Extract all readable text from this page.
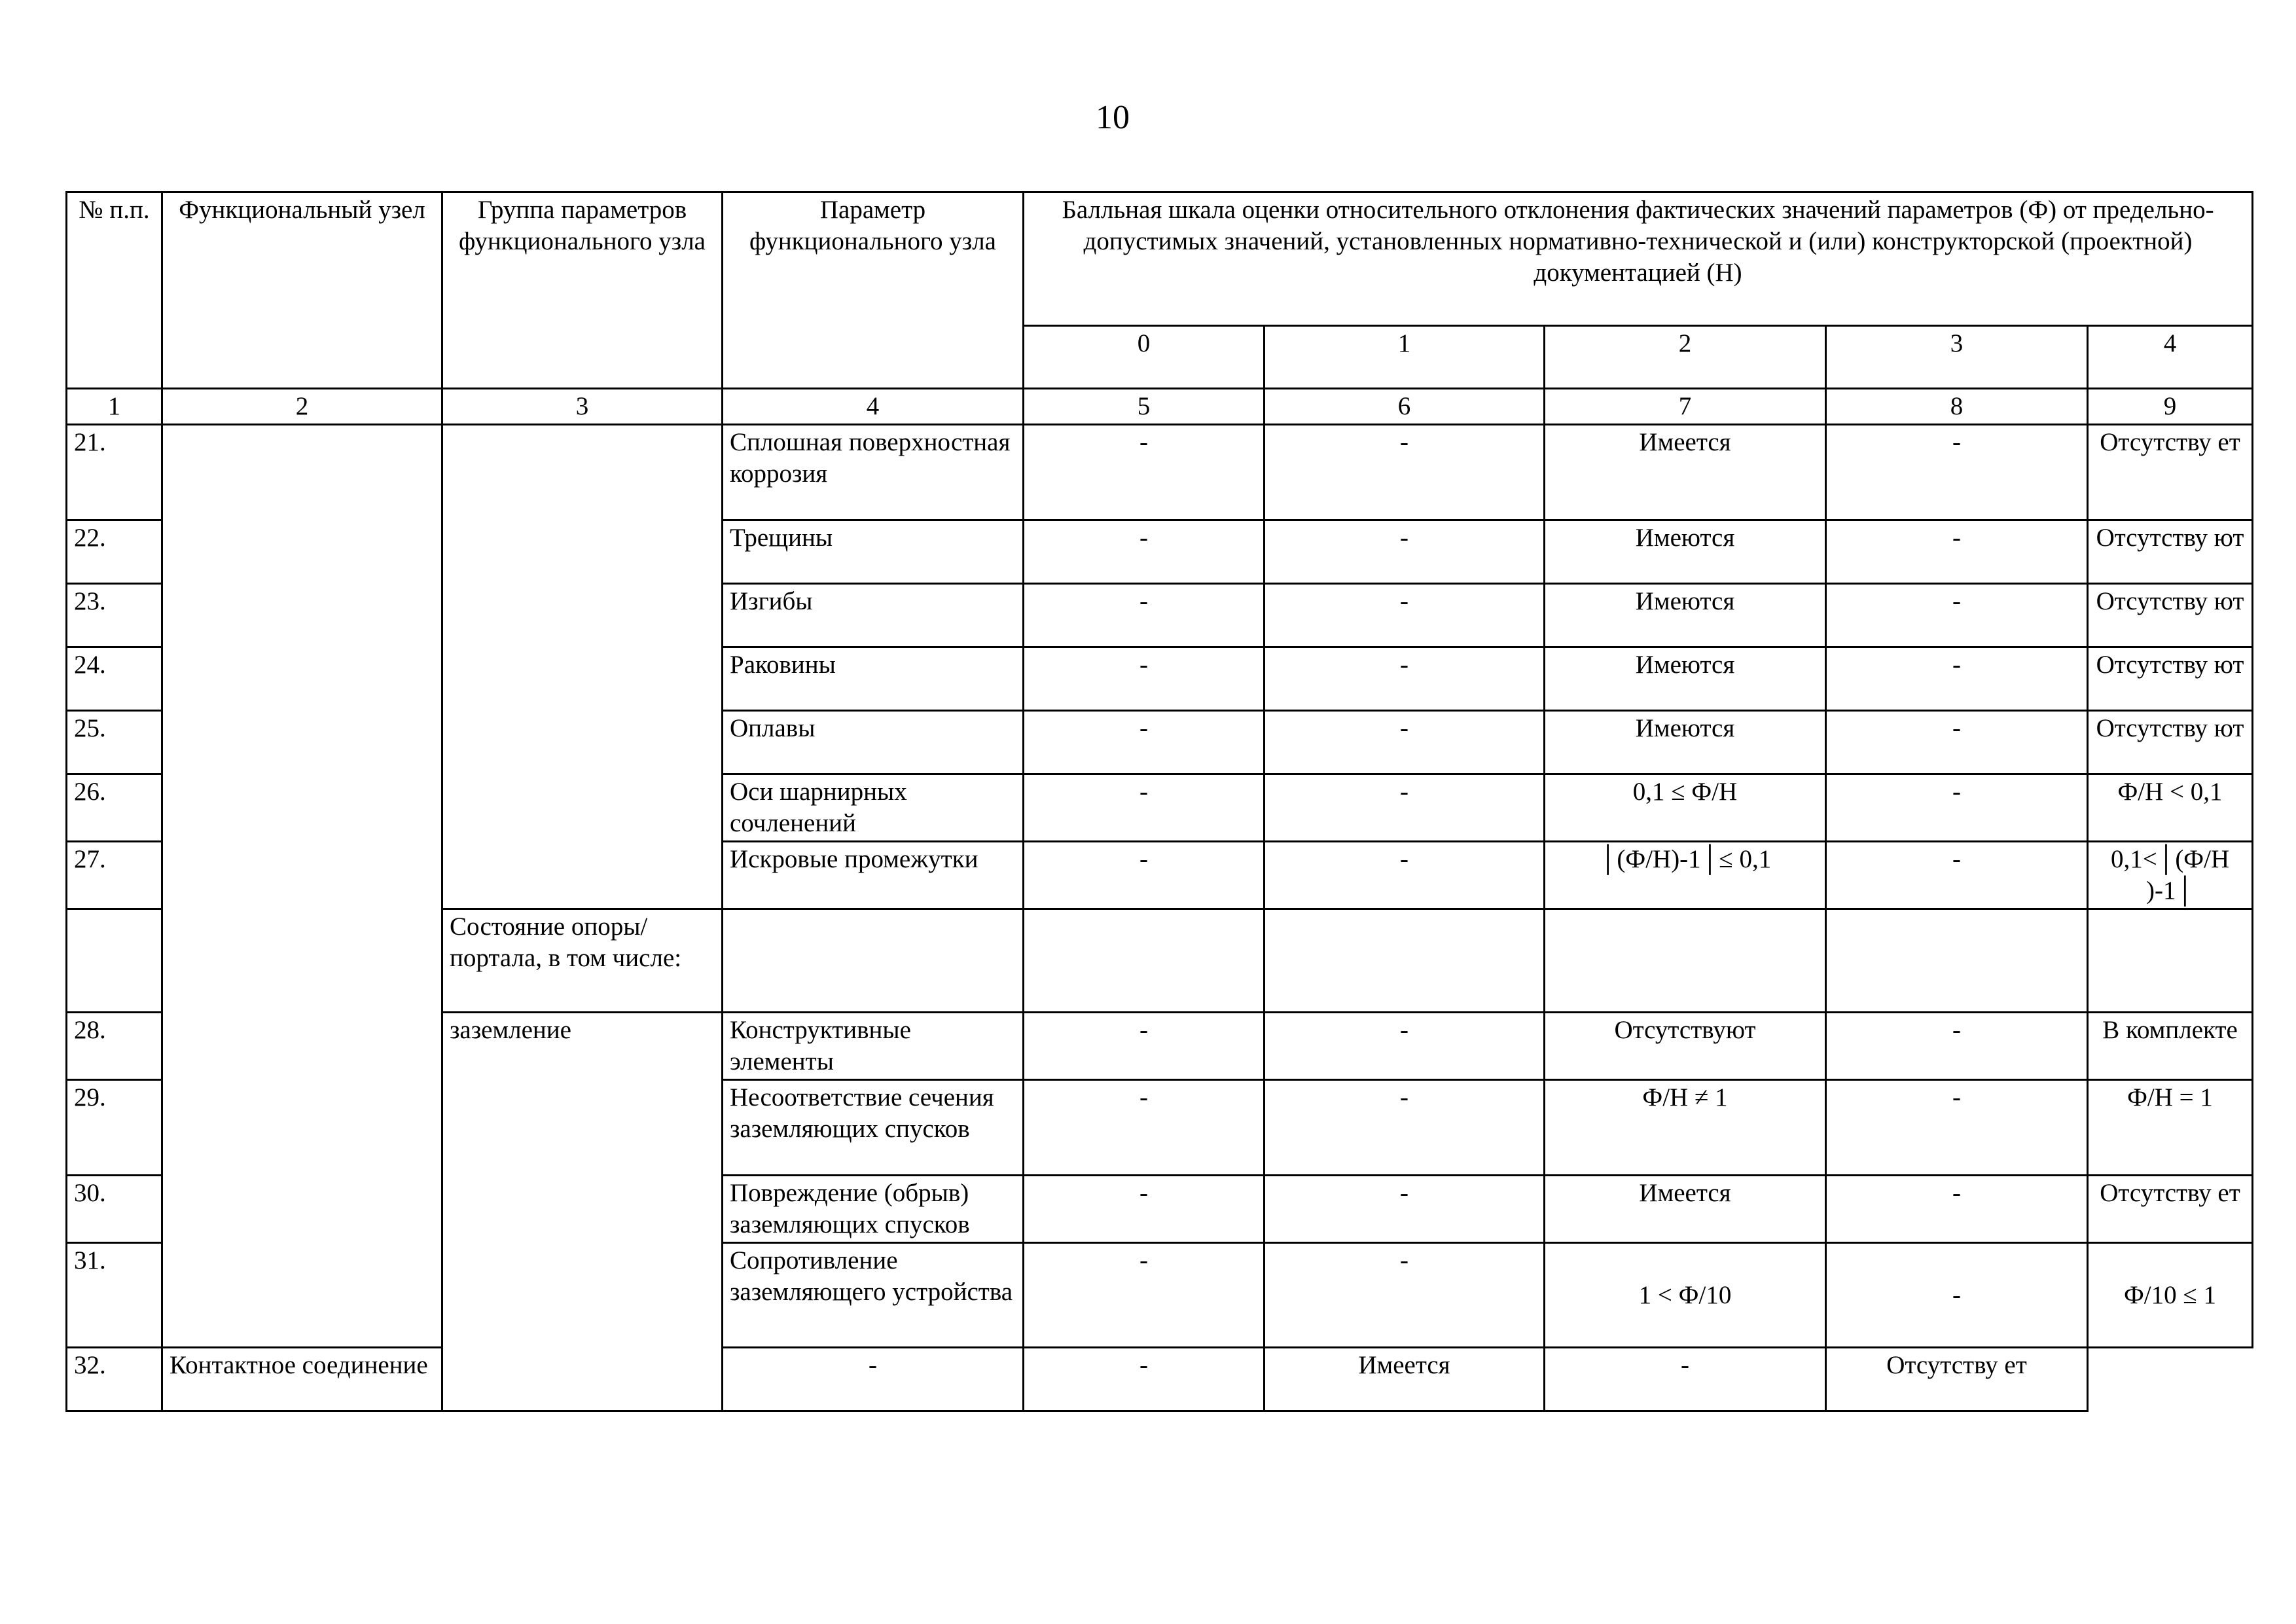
10
№ п.п.	Функциональный узел	Группа параметров функционального узла	Параметр функционального узла	Балльная шкала оценки относительного отклонения фактических значений параметров (Ф) от предельно-допустимых значений, установленных нормативно-технической и (или) конструкторской (проектной) документацией (Н)				
				0	1	2	3	4
1	2	3	4	5	6	7	8	9
21.			Сплошная поверхностная коррозия	-	-	Имеется	-	Отсутству ет
22.			Трещины	-	-	Имеются	-	Отсутству ют
23.			Изгибы	-	-	Имеются	-	Отсутству ют
24.			Раковины	-	-	Имеются	-	Отсутству ют
25.			Оплавы	-	-	Имеются	-	Отсутству ют
26.			Оси шарнирных сочленений	-	-	0,1 ≤ Ф/Н	-	Ф/Н < 0,1
27.			Искровые промежутки	-	-	│(Ф/Н)-1│≤ 0,1	-	0,1<│(Ф/Н )-1│
		Состояние опоры/портала, в том числе:						
28.		заземление	Конструктивные элементы	-	-	Отсутствуют	-	В комплекте
29.			Несоответствие сечения заземляющих спусков	-	-	Ф/Н ≠ 1	-	Ф/Н = 1
30.			Повреждение (обрыв) заземляющих спусков	-	-	Имеется	-	Отсутству ет
31.			Сопротивление заземляющего устройства	-	-	1 < Ф/10	-	Ф/10 ≤ 1
32.	Контактное соединение		-	-	Имеется	-	Отсутству ет	
